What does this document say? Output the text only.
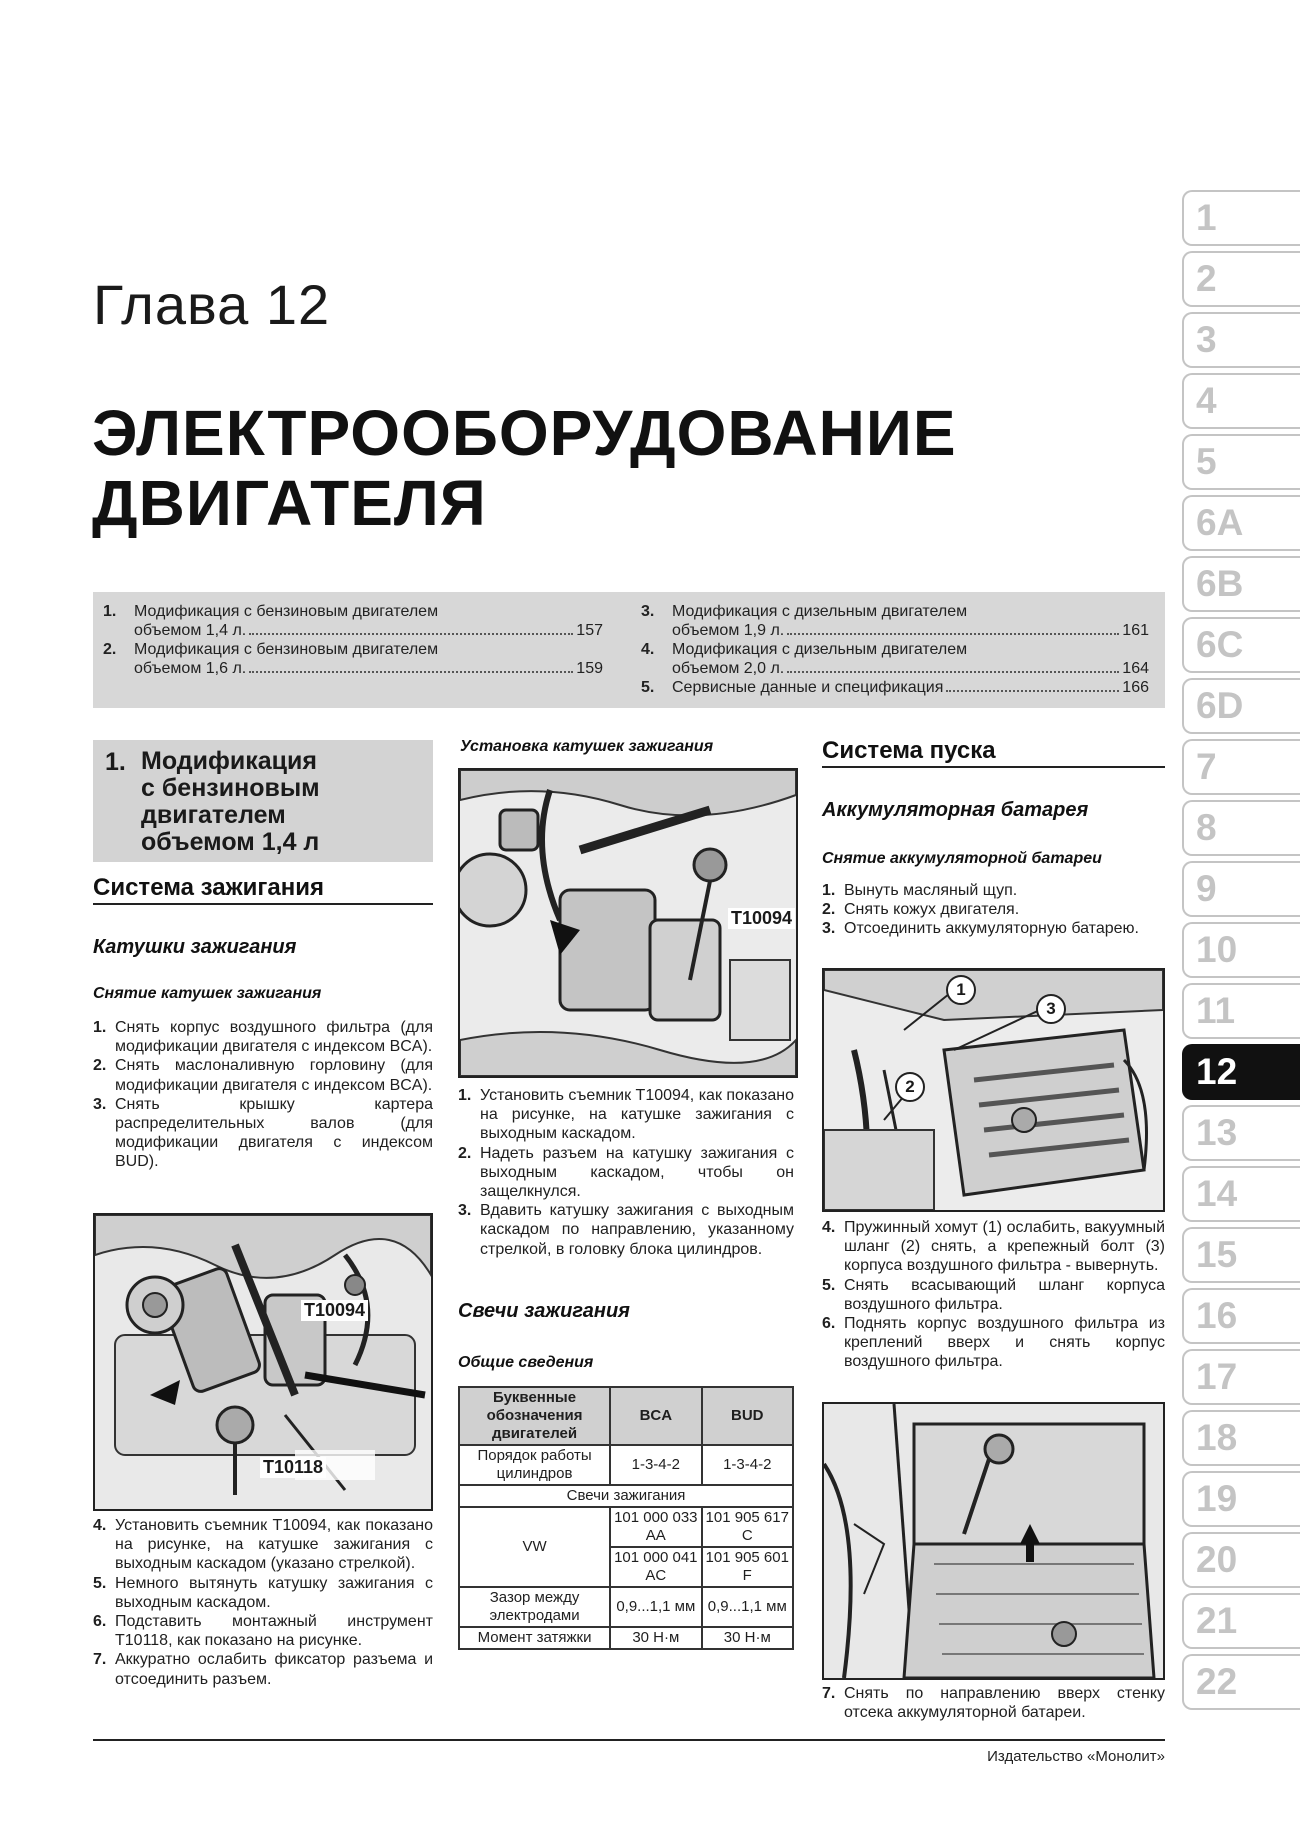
Глава 12
ЭЛЕКТРООБОРУДОВАНИЕ
ДВИГАТЕЛЯ
1.	Модификация с бензиновым двигателем
объемом 1,4 л.	157
2.	Модификация с бензиновым двигателем
объемом 1,6 л.	159
3.	Модификация с дизельным двигателем
объемом 1,9 л.	161
4.	Модификация с дизельным двигателем
объемом 2,0 л.	164
5.	Сервисные данные и спецификация	166
1. Модификация
с бензиновым
двигателем
объемом 1,4 л
Система зажигания
Катушки зажигания
Снятие катушек зажигания
1. Снять корпус воздушного фильтра (для модификации двигателя с индексом BCA).
2. Снять маслоналивную горловину (для модификации двигателя с индексом BCA).
3. Снять крышку картера распределительных валов (для модификации двигателя с индексом BUD).
T10094
T10118
4. Установить съемник T10094, как показано на рисунке, на катушке зажигания с выходным каскадом (указано стрелкой).
5. Немного вытянуть катушку зажигания с выходным каскадом.
6. Подставить монтажный инструмент T10118, как показано на рисунке.
7. Аккуратно ослабить фиксатор разъема и отсоединить разъем.
Установка катушек зажигания
T10094
1. Установить съемник T10094, как показано на рисунке, на катушке зажигания с выходным каскадом.
2. Надеть разъем на катушку зажигания с выходным каскадом, чтобы он защелкнулся.
3. Вдавить катушку зажигания с выходным каскадом по направлению, указанному стрелкой, в головку блока цилиндров.
Свечи зажигания
Общие сведения
Буквенные обозначения двигателей	BCA	BUD
Порядок работы цилиндров	1-3-4-2	1-3-4-2
Свечи зажигания		
VW	101 000 033 AA	101 905 617 C
	101 000 041 AC	101 905 601 F
Зазор между электродами	0,9...1,1 мм	0,9...1,1 мм
Момент затяжки	30 Н·м	30 Н·м
Система пуска
Аккумуляторная батарея
Снятие аккумуляторной батареи
1. Вынуть масляный щуп.
2. Снять кожух двигателя.
3. Отсоединить аккумуляторную батарею.
1
2
3
4. Пружинный хомут (1) ослабить, вакуумный шланг (2) снять, а крепежный болт (3) корпуса воздушного фильтра - вывернуть.
5. Снять всасывающий шланг корпуса воздушного фильтра.
6. Поднять корпус воздушного фильтра из креплений вверх и снять корпус воздушного фильтра.
7. Снять по направлению вверх стенку отсека аккумуляторной батареи.
1
2
3
4
5
6A
6B
6C
6D
7
8
9
10
11
12
13
14
15
16
17
18
19
20
21
22
Издательство «Монолит»
